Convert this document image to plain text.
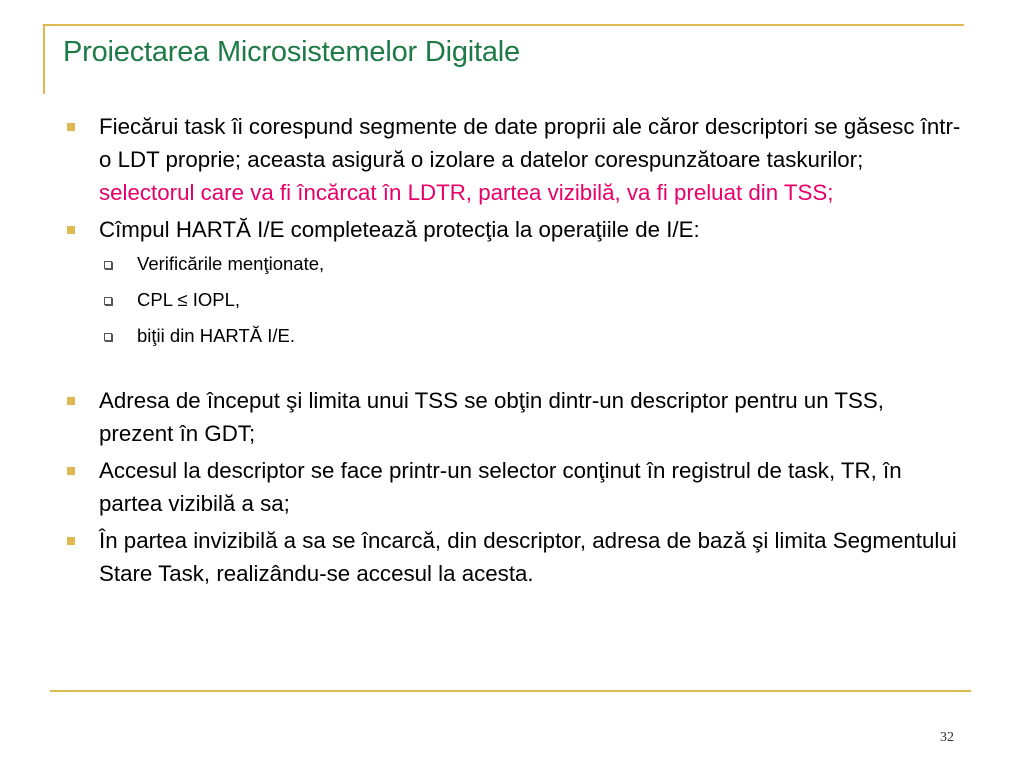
Proiectarea Microsistemelor Digitale
Fiecărui task îi corespund segmente de date proprii ale căror descriptori se găsesc într-o LDT proprie; aceasta asigură o izolare a datelor corespunzătoare taskurilor; selectorul care va fi încărcat în LDTR, partea vizibilă, va fi preluat din TSS;
Cîmpul HARTĂ I/E completează protecţia la operaţiile de I/E:
Verificările menţionate,
CPL ≤ IOPL,
biţii din HARTĂ I/E.
Adresa de început şi limita unui TSS se obţin dintr-un descriptor pentru un TSS, prezent în GDT;
Accesul la descriptor se face printr-un selector conţinut în registrul de task, TR, în partea vizibilă a sa;
În partea invizibilă a sa se încarcă, din descriptor, adresa de bază şi limita Segmentului Stare Task, realizându-se accesul la acesta.
32
